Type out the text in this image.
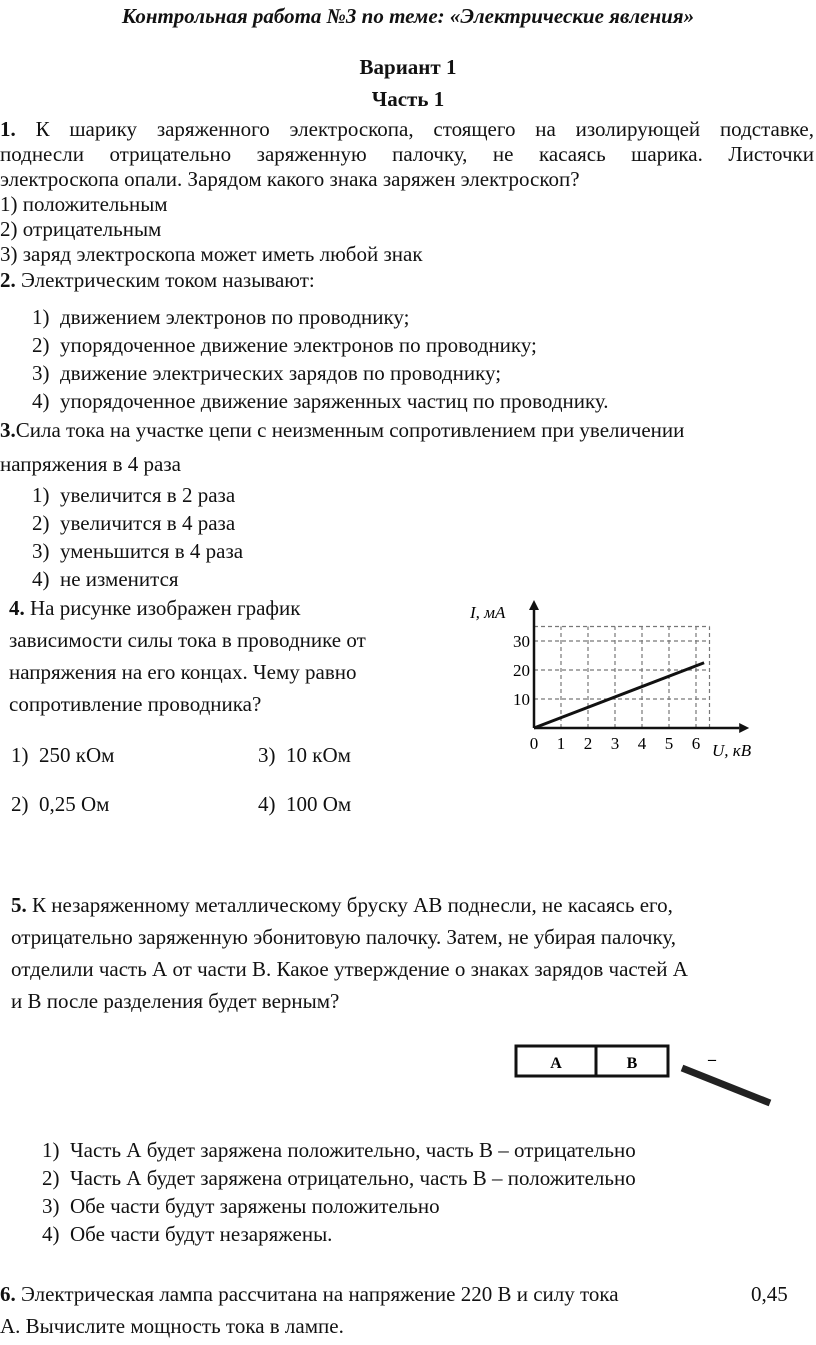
Контрольная работа №3 по теме: «Электрические явления»
Вариант 1
Часть 1
1. К шарику заряженного электроскопа, стоящего на изолирующей подставке,
поднесли отрицательно заряженную палочку, не касаясь шарика. Листочки
электроскопа опали. Зарядом какого знака заряжен электроскоп?
1) положительным
2) отрицательным
3) заряд электроскопа может иметь любой знак
2. Электрическим током называют:
1) движением электронов по проводнику;
2) упорядоченное движение электронов по проводнику;
3) движение электрических зарядов по проводнику;
4) упорядоченное движение заряженных частиц по проводнику.
3.Сила тока на участке цепи с неизменным сопротивлением при увеличении
напряжения в 4 раза
1) увеличится в 2 раза
2) увеличится в 4 раза
3) уменьшится в 4 раза
4) не изменится
4. На рисунке изображен график
зависимости силы тока в проводнике от
напряжения на его концах. Чему равно
сопротивление проводника?
1) 250 кОм	3) 10 кОм
2) 0,25 Ом	4) 100 Ом
0 1 2 3 4 5 6
10
20
30
I, мА
U, кВ
5. К незаряженному металлическому бруску АВ поднесли, не касаясь его,
отрицательно заряженную эбонитовую палочку. Затем, не убирая палочку,
отделили часть А от части В. Какое утверждение о знаках зарядов частей А
и В после разделения будет верным?
A	B	–
1) Часть А будет заряжена положительно, часть В – отрицательно
2) Часть А будет заряжена отрицательно, часть В – положительно
3) Обе части будут заряжены положительно
4) Обе части будут незаряжены.
6. Электрическая лампа рассчитана на напряжение 220 В и силу тока	0,45
А. Вычислите мощность тока в лампе.
